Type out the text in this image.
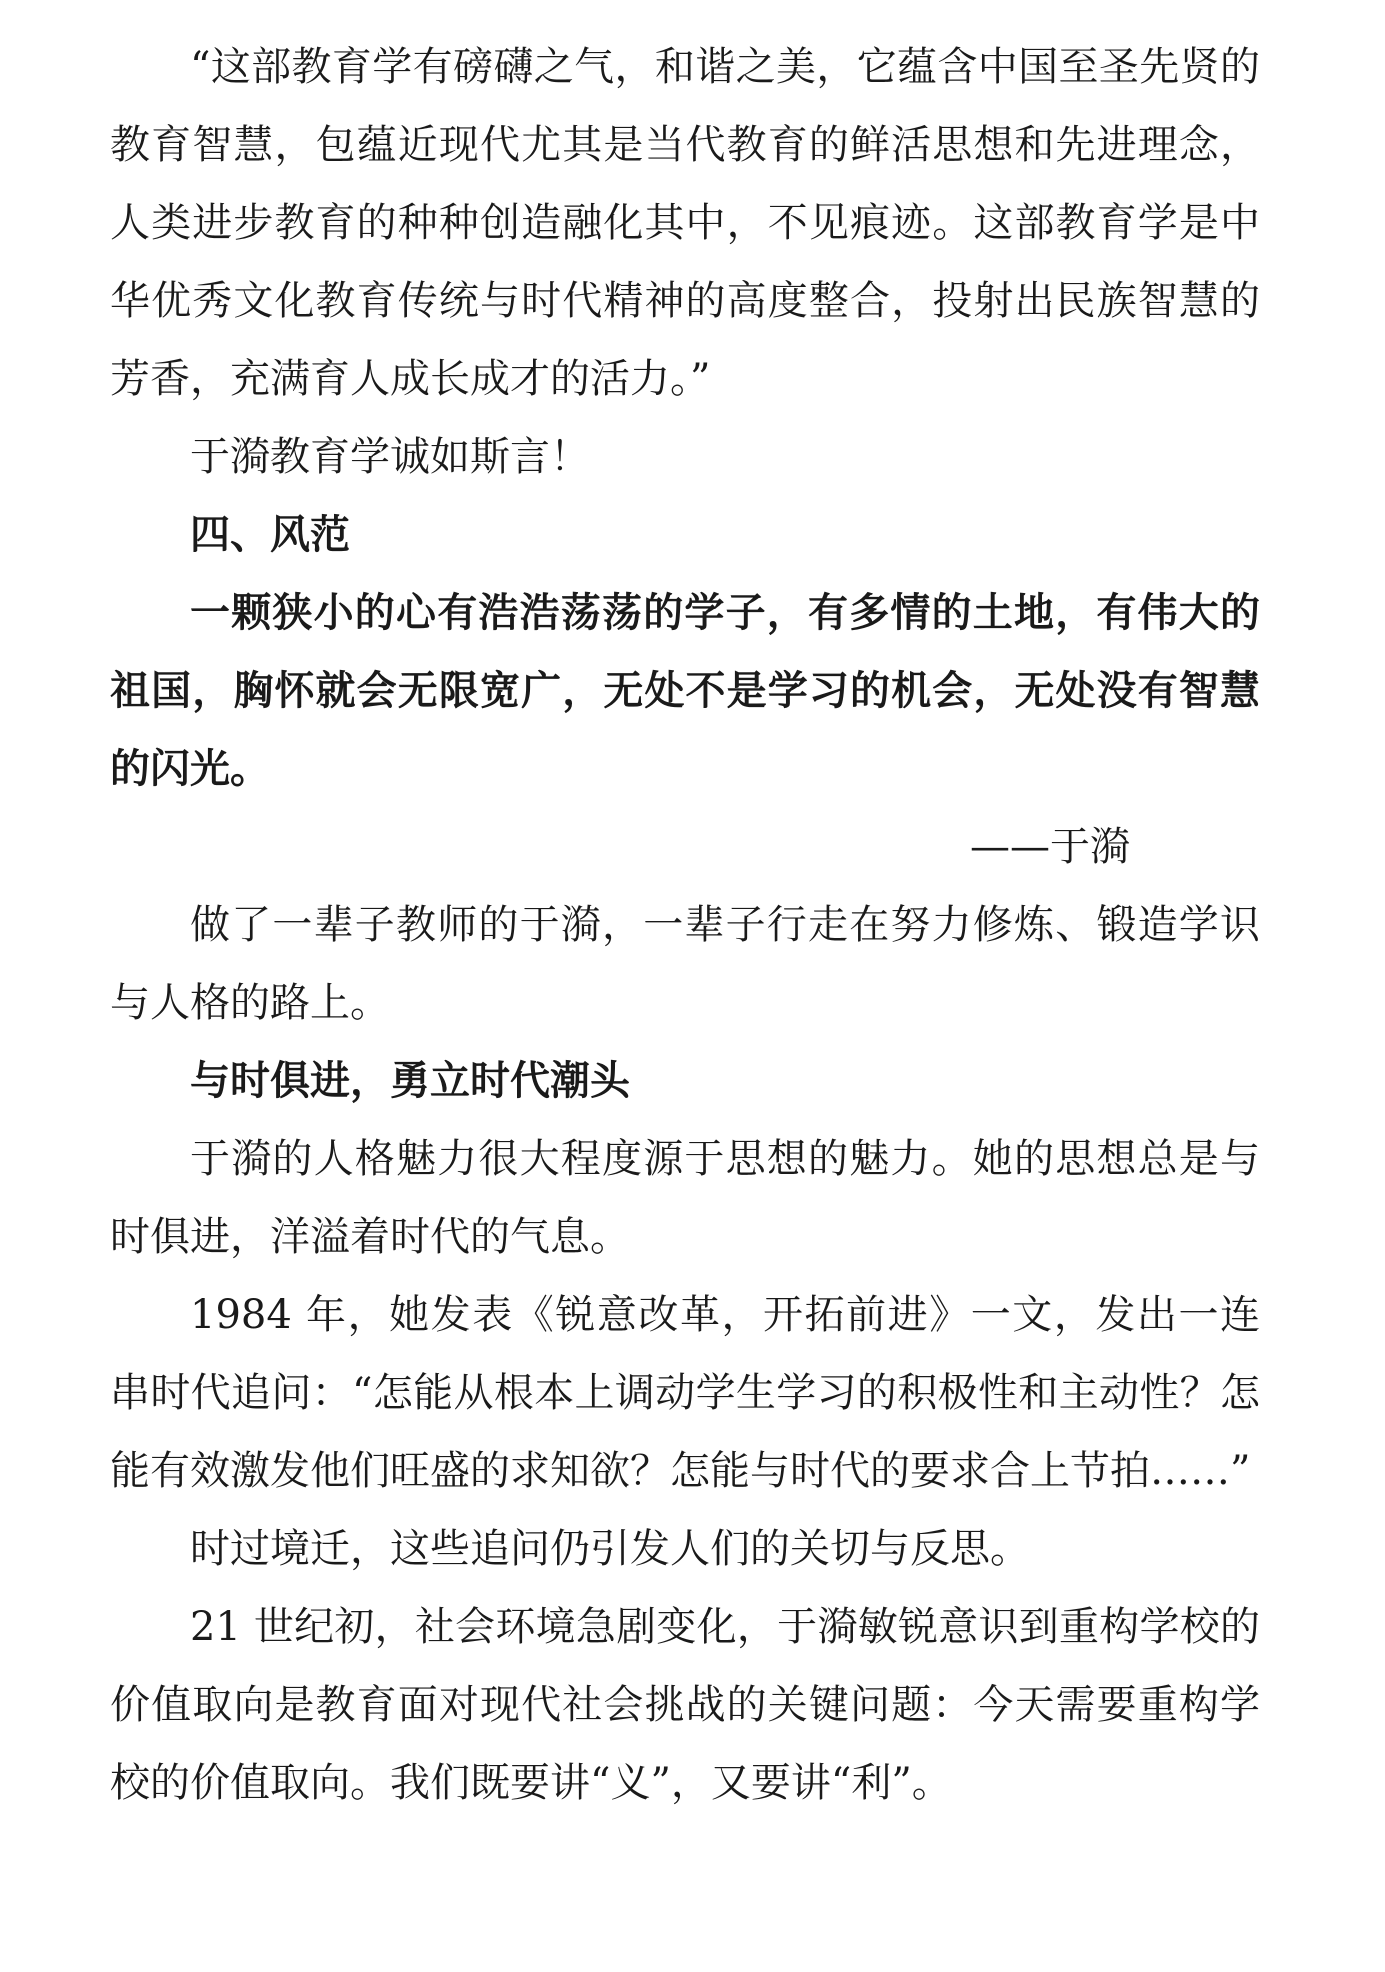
“这部教育学有磅礴之气，和谐之美，它蕴含中国至圣先贤的教育智慧，包蕴近现代尤其是当代教育的鲜活思想和先进理念，人类进步教育的种种创造融化其中，不见痕迹。这部教育学是中华优秀文化教育传统与时代精神的高度整合，投射出民族智慧的芳香，充满育人成长成才的活力。”

于漪教育学诚如斯言！

四、风范

一颗狭小的心有浩浩荡荡的学子，有多情的土地，有伟大的祖国，胸怀就会无限宽广，无处不是学习的机会，无处没有智慧的闪光。

——于漪

做了一辈子教师的于漪，一辈子行走在努力修炼、锻造学识与人格的路上。

与时俱进，勇立时代潮头

于漪的人格魅力很大程度源于思想的魅力。她的思想总是与时俱进，洋溢着时代的气息。

1984 年，她发表《锐意改革，开拓前进》一文，发出一连串时代追问：“怎能从根本上调动学生学习的积极性和主动性？怎能有效激发他们旺盛的求知欲？怎能与时代的要求合上节拍……”

时过境迁，这些追问仍引发人们的关切与反思。

21 世纪初，社会环境急剧变化，于漪敏锐意识到重构学校的价值取向是教育面对现代社会挑战的关键问题：今天需要重构学校的价值取向。我们既要讲“义”，又要讲“利”。
